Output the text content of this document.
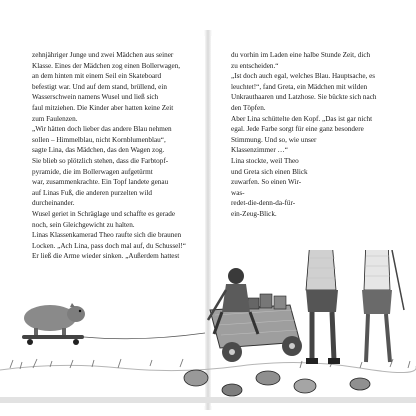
zehnjähriger Junge und zwei Mädchen aus seiner
Klasse. Eines der Mädchen zog einen Bollerwagen,
an dem hinten mit einem Seil ein Skateboard
befestigt war. Und auf dem stand, brüllend, ein
Wasserschwein namens Wusel und ließ sich
faul mitziehen. Die Kinder aber hatten keine Zeit
zum Faulenzen.
„Wir hätten doch lieber das andere Blau nehmen
sollen – Himmelblau, nicht Kornblumenblau“,
sagte Lina, das Mädchen, das den Wagen zog.
Sie blieb so plötzlich stehen, dass die Farbtopf-
pyramide, die im Bollerwagen aufgetürmt
war, zusammenkrachte. Ein Topf landete genau
auf Linas Fuß, die anderen purzelten wild
durcheinander.
Wusel geriet in Schräglage und schaffte es gerade
noch, sein Gleichgewicht zu halten.
Linas Klassenkamerad Theo raufte sich die braunen
Locken. „Ach Lina, pass doch mal auf, du Schussel!“
Er ließ die Arme wieder sinken. „Außerdem hattest
du vorhin im Laden eine halbe Stunde Zeit, dich
zu entscheiden.“
„Ist doch auch egal, welches Blau. Hauptsache, es
leuchtet!“, fand Greta, ein Mädchen mit wilden
Unkrauthaaren und Latzhose. Sie bückte sich nach
den Töpfen.
Aber Lina schüttelte den Kopf. „Das ist gar nicht
egal. Jede Farbe sorgt für eine ganz besondere
Stimmung. Und so, wie unser
Klassenzimmer …“
Lina stockte, weil Theo
und Greta sich einen Blick
zuwarfen. So einen Wir-
was-
redet-die-denn-da-für-
ein-Zeug-Blick.
